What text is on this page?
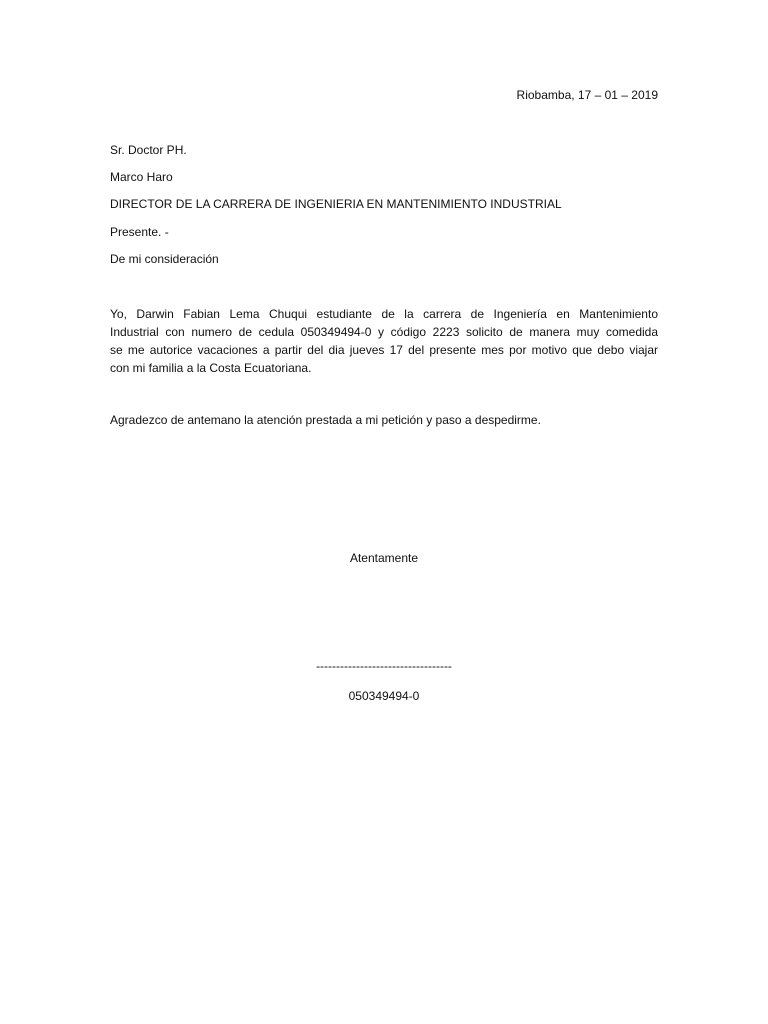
Riobamba, 17 – 01 – 2019
Sr. Doctor PH.
Marco Haro
DIRECTOR DE LA CARRERA DE INGENIERIA EN MANTENIMIENTO INDUSTRIAL
Presente. -
De mi consideración
Yo, Darwin Fabian Lema Chuqui estudiante de la carrera de Ingeniería en Mantenimiento
Industrial con numero de cedula 050349494-0 y código 2223 solicito de manera muy comedida
se me autorice vacaciones a partir del dia jueves 17 del presente mes por motivo que debo viajar
con mi familia a la Costa Ecuatoriana.
Agradezco de antemano la atención prestada a mi petición y paso a despedirme.
Atentamente
----------------------------------
050349494-0
